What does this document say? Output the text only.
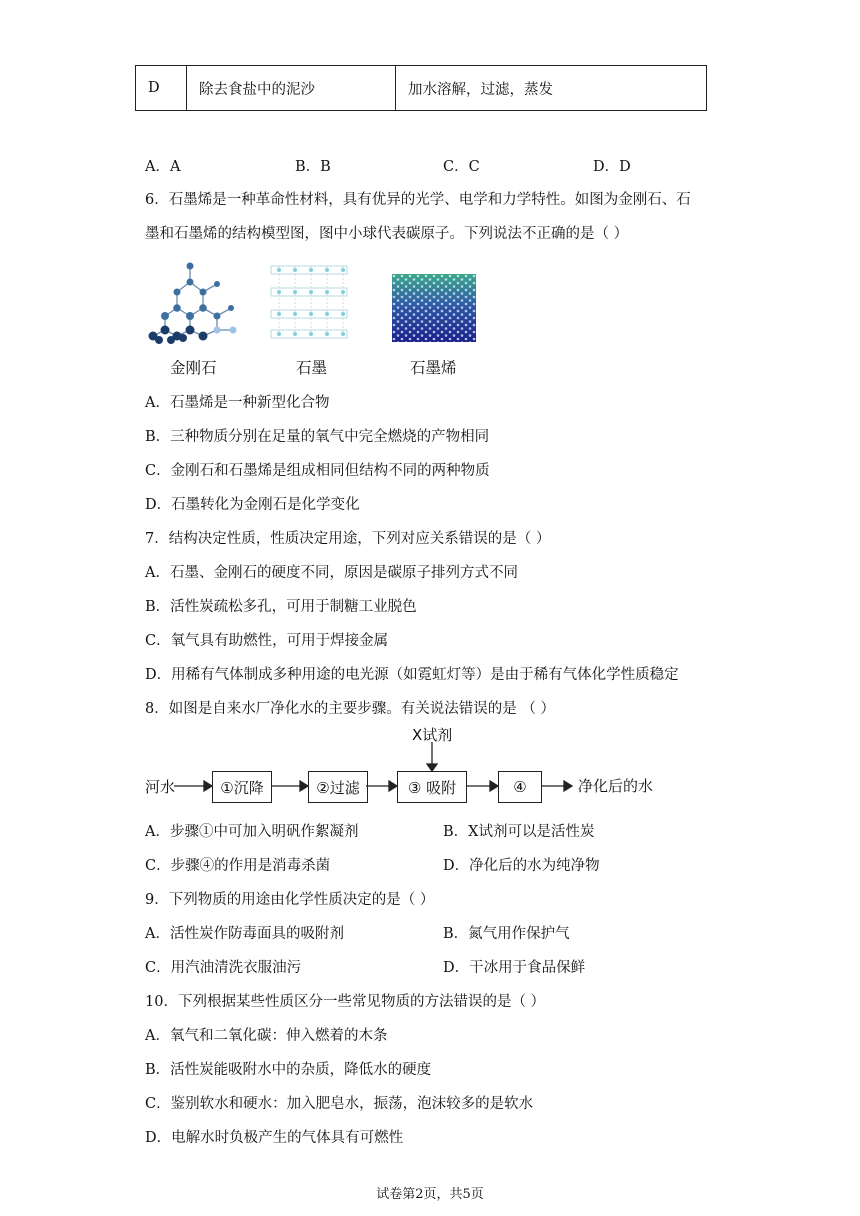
D	除去食盐中的泥沙	加水溶解，过滤，蒸发
A．A	B．B	C．C	D．D
6．石墨烯是一种革命性材料，具有优异的光学、电学和力学特性。如图为金刚石、石
墨和石墨烯的结构模型图，图中小球代表碳原子。下列说法不正确的是（ ）
金刚石	石墨	石墨烯
A．石墨烯是一种新型化合物
B．三种物质分别在足量的氧气中完全燃烧的产物相同
C．金刚石和石墨烯是组成相同但结构不同的两种物质
D．石墨转化为金刚石是化学变化
7．结构决定性质，性质决定用途，下列对应关系错误的是（ ）
A．石墨、金刚石的硬度不同，原因是碳原子排列方式不同
B．活性炭疏松多孔，可用于制糖工业脱色
C．氧气具有助燃性，可用于焊接金属
D．用稀有气体制成多种用途的电光源（如霓虹灯等）是由于稀有气体化学性质稳定
8．如图是自来水厂净化水的主要步骤。有关说法错误的是 （ ）
X试剂
河水	①沉降	②过滤	③ 吸附	④	净化后的水
A．步骤①中可加入明矾作絮凝剂	B．X试剂可以是活性炭
C．步骤④的作用是消毒杀菌	D．净化后的水为纯净物
9．下列物质的用途由化学性质决定的是（ ）
A．活性炭作防毒面具的吸附剂	B．氮气用作保护气
C．用汽油清洗衣服油污	D．干冰用于食品保鲜
10．下列根据某些性质区分一些常见物质的方法错误的是（ ）
A．氧气和二氧化碳：伸入燃着的木条
B．活性炭能吸附水中的杂质，降低水的硬度
C．鉴别软水和硬水：加入肥皂水，振荡，泡沫较多的是软水
D．电解水时负极产生的气体具有可燃性
试卷第2页，共5页
